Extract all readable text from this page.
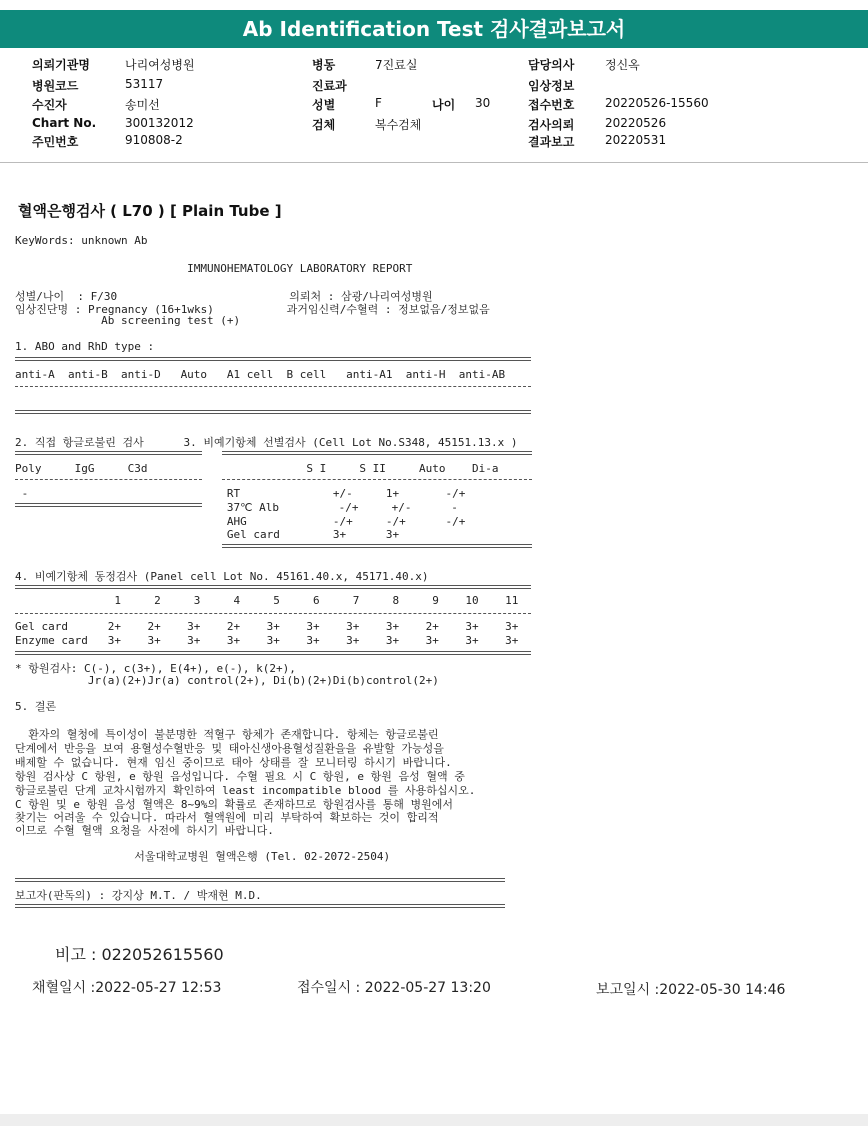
Ab Identification Test 검사결과보고서
의뢰기관명	나리여성병원
병원코드	53117
수진자	송미선
Chart No. 300132012
주민번호	910808-2
병동	7진료실
진료과
성별	F	나이 30
검체	복수검체
담당의사	정신옥
임상정보
접수번호	20220526-15560
검사의뢰	20220526
결과보고	20220531
혈액은행검사 ( L70 ) [ Plain Tube ]
KeyWords: unknown Ab
IMMUNOHEMATOLOGY LABORATORY REPORT
성별/나이  : F/30                          의뢰처 : 삼광/나리여성병원
임상진단명 : Pregnancy (16+1wks)           과거임신력/수혈력 : 정보없음/정보없음
Ab screening test (+)
1. ABO and RhD type :
anti-A  anti-B  anti-D   Auto   A1 cell  B cell   anti-A1  anti-H  anti-AB
2. 직접 항글로불린 검사      3. 비예기항체 선별검사 (Cell Lot No.S348, 45151.13.x )
Poly     IgG     C3d                        S I     S II     Auto    Di-a
-                              RT              +/-     1+       -/+
37℃ Alb         -/+     +/-      -
AHG             -/+     -/+      -/+
Gel card        3+      3+
4. 비예기항체 동정검사 (Panel cell Lot No. 45161.40.x, 45171.40.x)
1     2     3     4     5     6     7     8     9    10    11
Gel card      2+    2+    3+    2+    3+    3+    3+    3+    2+    3+    3+
Enzyme card   3+    3+    3+    3+    3+    3+    3+    3+    3+    3+    3+
* 항원검사: C(-), c(3+), E(4+), e(-), k(2+),
Jr(a)(2+)Jr(a) control(2+), Di(b)(2+)Di(b)control(2+)
5. 결론
환자의 혈청에 특이성이 불분명한 적혈구 항체가 존재합니다. 항체는 항글로불린
단계에서 반응을 보여 용혈성수혈반응 및 태아신생아용혈성질환을을 유발할 가능성을
배제할 수 없습니다. 현재 임신 중이므로 태아 상태를 잘 모니터링 하시기 바랍니다.
항원 검사상 C 항원, e 항원 음성입니다. 수혈 필요 시 C 항원, e 항원 음성 혈액 중
항글로불린 단계 교차시험까지 확인하여 least incompatible blood 를 사용하십시오.
C 항원 및 e 항원 음성 혈액은 8~9%의 확률로 존재하므로 항원검사를 통해 병원에서
찾기는 어려울 수 있습니다. 따라서 혈액원에 미리 부탁하여 확보하는 것이 합리적
이므로 수혈 혈액 요청을 사전에 하시기 바랍니다.
서울대학교병원 혈액은행 (Tel. 02-2072-2504)
보고자(판독의) : 강지상 M.T. / 박재현 M.D.
비고 : 022052615560
채혈일시 :2022-05-27 12:53	접수일시 : 2022-05-27 13:20	보고일시 :2022-05-30 14:46
